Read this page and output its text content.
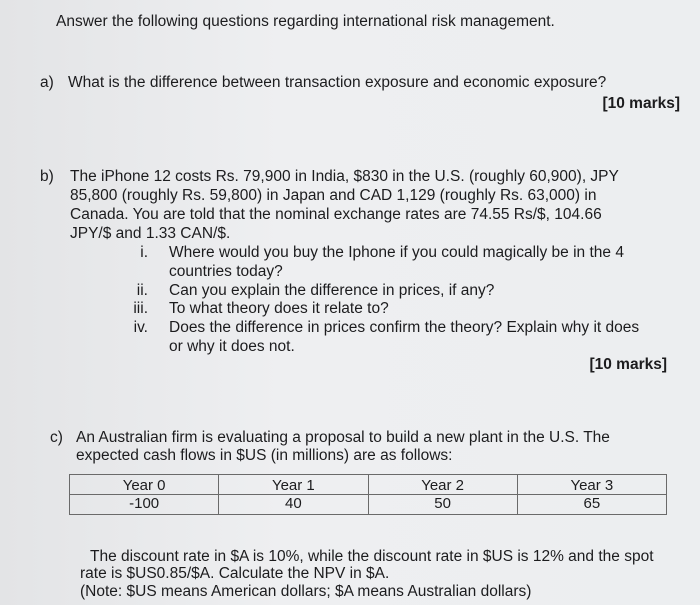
Answer the following questions regarding international risk management.
a) What is the difference between transaction exposure and economic exposure?
[10 marks]
b) The iPhone 12 costs Rs. 79,900 in India, $830 in the U.S. (roughly 60,900), JPY
85,800 (roughly Rs. 59,800) in Japan and CAD 1,129 (roughly Rs. 63,000) in
Canada. You are told that the nominal exchange rates are 74.55 Rs/$, 104.66
JPY/$ and 1.33 CAN/$.
i. Where would you buy the Iphone if you could magically be in the 4
countries today?
ii. Can you explain the difference in prices, if any?
iii. To what theory does it relate to?
iv. Does the difference in prices confirm the theory? Explain why it does
or why it does not.
[10 marks]
c) An Australian firm is evaluating a proposal to build a new plant in the U.S. The
expected cash flows in $US (in millions) are as follows:
Year 0	Year 1	Year 2	Year 3
-100	40	50	65
The discount rate in $A is 10%, while the discount rate in $US is 12% and the spot
rate is $US0.85/$A. Calculate the NPV in $A.
(Note: $US means American dollars; $A means Australian dollars)
